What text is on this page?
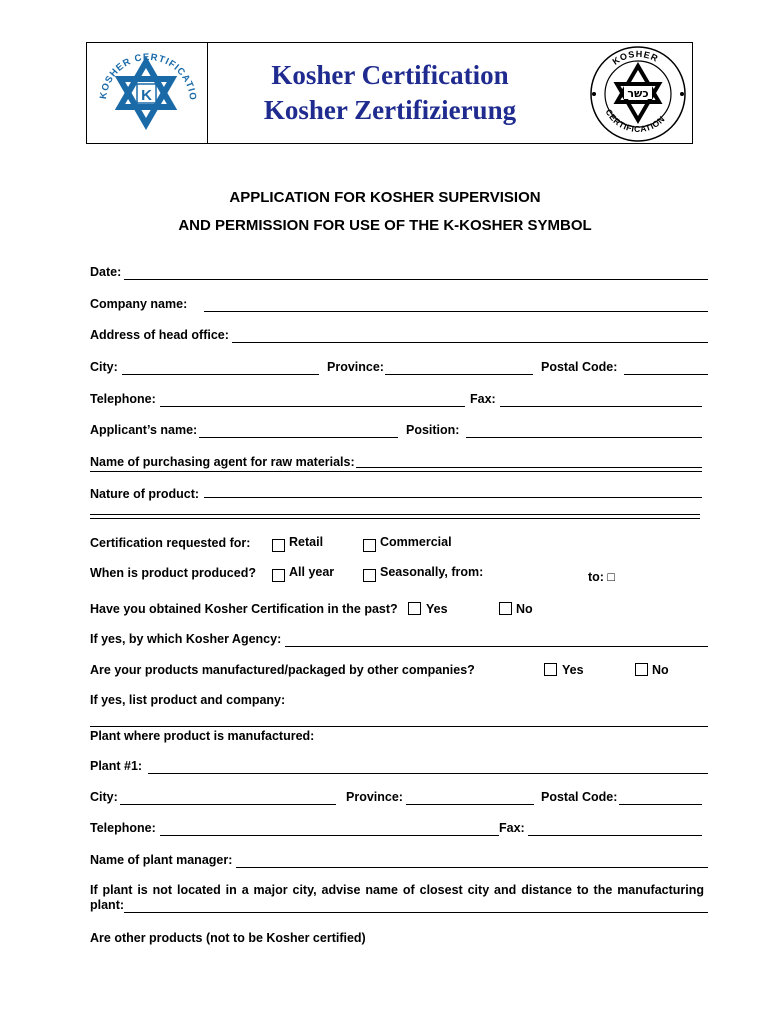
KOSHER CERTIFICATIO
K
Kosher Certification
Kosher Zertifizierung
KOSHER
CERTIFICATION
כשר
APPLICATION FOR KOSHER SUPERVISION
AND PERMISSION FOR USE OF THE K-KOSHER SYMBOL
Date:
Company name:
Address of head office:
City:	Province:	Postal Code:
Telephone:	Fax:
Applicant’s name:	Position:
Name of purchasing agent for raw materials:
Nature of product:
Certification requested for:	Retail	Commercial
When is product produced?	All year	Seasonally, from:	to: □
Have you obtained Kosher Certification in the past? Yes	No
If yes, by which Kosher Agency:
Are your products manufactured/packaged by other companies?	Yes	No
If yes, list product and company:
Plant where product is manufactured:
Plant #1:
City:	Province:	Postal Code:
Telephone:	Fax:
Name of plant manager:
If plant is not located in a major city, advise name of closest city and distance to the manufacturing plant:
Are other products (not to be Kosher certified)
